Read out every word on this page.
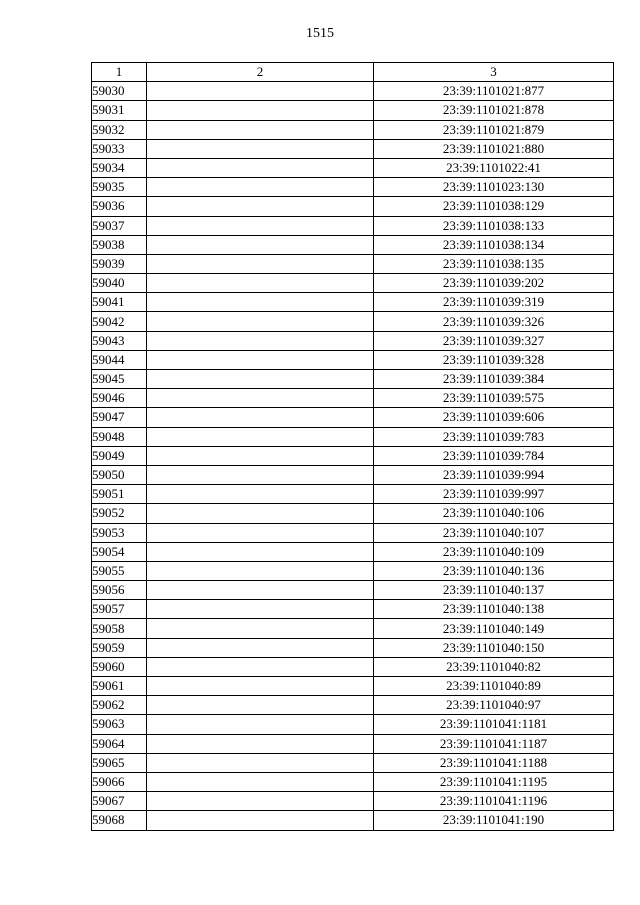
1515
1	2	3
59030		23:39:1101021:877
59031		23:39:1101021:878
59032		23:39:1101021:879
59033		23:39:1101021:880
59034		23:39:1101022:41
59035		23:39:1101023:130
59036		23:39:1101038:129
59037		23:39:1101038:133
59038		23:39:1101038:134
59039		23:39:1101038:135
59040		23:39:1101039:202
59041		23:39:1101039:319
59042		23:39:1101039:326
59043		23:39:1101039:327
59044		23:39:1101039:328
59045		23:39:1101039:384
59046		23:39:1101039:575
59047		23:39:1101039:606
59048		23:39:1101039:783
59049		23:39:1101039:784
59050		23:39:1101039:994
59051		23:39:1101039:997
59052		23:39:1101040:106
59053		23:39:1101040:107
59054		23:39:1101040:109
59055		23:39:1101040:136
59056		23:39:1101040:137
59057		23:39:1101040:138
59058		23:39:1101040:149
59059		23:39:1101040:150
59060		23:39:1101040:82
59061		23:39:1101040:89
59062		23:39:1101040:97
59063		23:39:1101041:1181
59064		23:39:1101041:1187
59065		23:39:1101041:1188
59066		23:39:1101041:1195
59067		23:39:1101041:1196
59068		23:39:1101041:190
